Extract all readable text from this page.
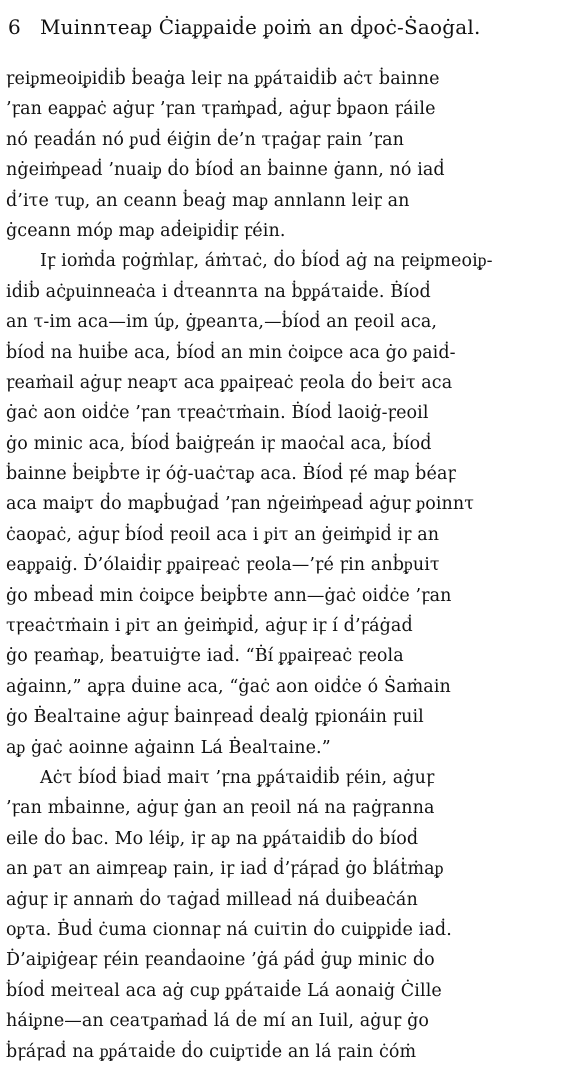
6 Muinnτeaᵱ Ċiaᵱᵱaiḋe ᵱoiṁ an ḋᵱoċ-Ṡaoġal.
ꝼeiᵱmeoiᵱiḋiḃ ḃeaġa leiꝼ na ᵱᵱáτaiḋiḃ aċτ ḃainne
’ꝼan eaᵱᵱaċ aġuꝼ ’ꝼan τꝼaṁᵱaḋ, aġuꝼ ḃᵱaon ꝼáile
nó ꝼeaḋán nó ᵱuḋ éiġin ḋe’n τꝼaġaꝼ ꝼain ’ꝼan
nġeiṁᵱeaḋ ’nuaiᵱ ḋo ḃíoḋ an ḃainne ġann, nó iaḋ
ḋ’iτe τuᵱ, an ceann ḃeaġ maᵱ annlann leiꝼ an
ġceann móᵱ maᵱ aḋeiᵱiḋiꝼ ꝼéin.
Iꝼ ioṁḋa ꝼoġṁlaꝼ, áṁτaċ, ḋo ḃíoḋ aġ na ꝼeiᵱmeoiᵱ-
iḋiḃ aċᵱuinneaċa i ḋτeannτa na ḃᵱᵱáτaiḋe. Ḃíoḋ
an τ-im aca—im úᵱ, ġᵱeanτa,—ḃíoḋ an ꝼeoil aca,
ḃíoḋ na huiḃe aca, ḃíoḋ an min ċoiᵱce aca ġo ᵱaiḋ-
ꝼeaṁail aġuꝼ neaᵱτ aca ᵱᵱaiꝼeaċ ꝼeola ḋo ḃeiτ aca
ġaċ aon oiḋċe ’ꝼan τꝼeaċτṁain. Ḃíoḋ laoiġ-ꝼeoil
ġo minic aca, ḃíoḋ ḃaiġꝼeán iꝼ maoċal aca, ḃíoḋ
ḃainne ḃeiᵱḃτe iꝼ óġ-uaċτaᵱ aca. Ḃíoḋ ꝼé maᵱ ḃéaꝼ
aca maiᵱτ ḋo maᵱḃuġaḋ ’ꝼan nġeiṁᵱeaḋ aġuꝼ ᵱoinnτ
ċaoᵱaċ, aġuꝼ ḃíoḋ ꝼeoil aca i ᵱiτ an ġeiṁᵱiḋ iꝼ an
eaᵱᵱaiġ. Ḋ’ólaiḋiꝼ ᵱᵱaiꝼeaċ ꝼeola—’ꝼé ꝼin anḃᵱuiτ
ġo mḃeaḋ min ċoiᵱce ḃeiᵱḃτe ann—ġaċ oiḋċe ’ꝼan
τꝼeaċτṁain i ᵱiτ an ġeiṁᵱiḋ, aġuꝼ iꝼ í ḋ’ꝼáġaḋ
ġo ꝼeaṁaᵱ, ḃeaτuiġτe iaḋ. “Ḃí ᵱᵱaiꝼeaċ ꝼeola
aġainn,” aᵱꝼa ḋuine aca, “ġaċ aon oiḋċe ó Ṡaṁain
ġo Ḃealτaine aġuꝼ ḃainꝼeaḋ ḋealġ ꝼᵱionáin ꝼuil
aᵱ ġaċ aoinne aġainn Lá Ḃealτaine.”
Aċτ ḃíoḋ ḃiaḋ maiτ ’ꝼna ᵱᵱáτaiḋiḃ ꝼéin, aġuꝼ
’ꝼan mḃainne, aġuꝼ ġan an ꝼeoil ná na ꝼaġꝼanna
eile ḋo ḃac. Mo léiᵱ, iꝼ aᵱ na ᵱᵱáτaiḋiḃ ḋo ḃíoḋ
an ᵱaτ an aimꝼeaᵱ ꝼain, iꝼ iaḋ ḋ’ꝼáꝼaḋ ġo ḃláṫṁaᵱ
aġuꝼ iꝼ annaṁ ḋo τaġaḋ milleaḋ ná ḋuiḃeaċán
oᵱτa. Ḃuḋ ċuma cionnaꝼ ná cuiτin ḋo cuiᵱᵱiḋe iaḋ.
Ḋ’aiᵱiġeaꝼ ꝼéin ꝼeanḋaoine ’ġá ᵱáḋ ġuᵱ minic ḋo
ḃíoḋ meiτeal aca aġ cuᵱ ᵱᵱáτaiḋe Lá aonaiġ Ċille
háiᵱne—an ceaτᵱaṁaḋ lá ḋe mí an Iuil, aġuꝼ ġo
ḃꝼáꝼaḋ na ᵱᵱáτaiḋe ḋo cuiᵱτiḋe an lá ꝼain ċóṁ
